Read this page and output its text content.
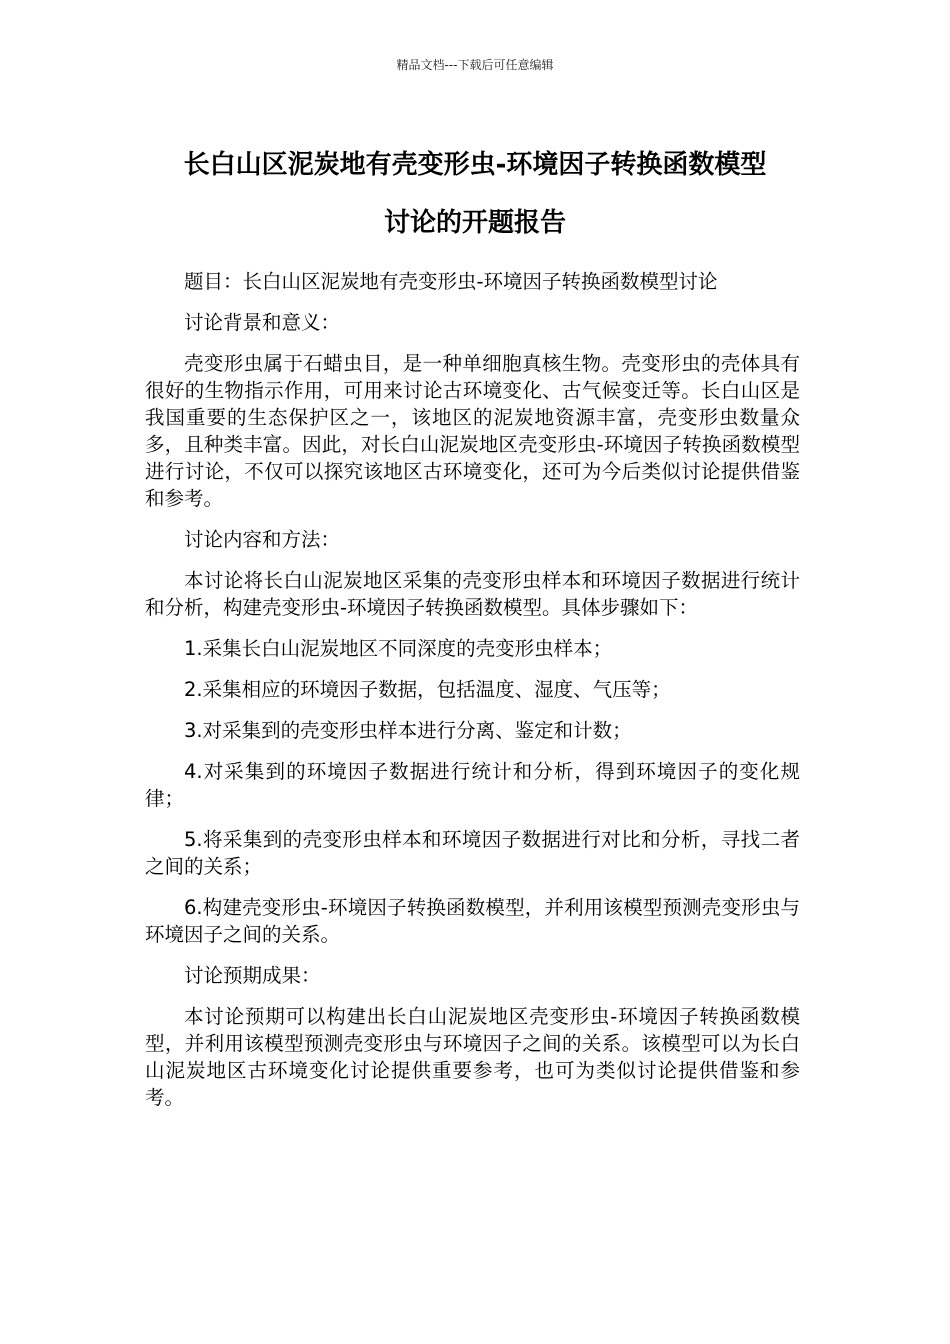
精品文档---下载后可任意编辑
长白山区泥炭地有壳变形虫-环境因子转换函数模型
讨论的开题报告

题目：长白山区泥炭地有壳变形虫-环境因子转换函数模型讨论

讨论背景和意义：

壳变形虫属于石蜡虫目，是一种单细胞真核生物。壳变形虫的壳体具有很好的生物指示作用，可用来讨论古环境变化、古气候变迁等。长白山区是我国重要的生态保护区之一，该地区的泥炭地资源丰富，壳变形虫数量众多，且种类丰富。因此，对长白山泥炭地区壳变形虫-环境因子转换函数模型进行讨论，不仅可以探究该地区古环境变化，还可为今后类似讨论提供借鉴和参考。

讨论内容和方法：

本讨论将长白山泥炭地区采集的壳变形虫样本和环境因子数据进行统计和分析，构建壳变形虫-环境因子转换函数模型。具体步骤如下：

1.采集长白山泥炭地区不同深度的壳变形虫样本；

2.采集相应的环境因子数据，包括温度、湿度、气压等；

3.对采集到的壳变形虫样本进行分离、鉴定和计数；

4.对采集到的环境因子数据进行统计和分析，得到环境因子的变化规律；

5.将采集到的壳变形虫样本和环境因子数据进行对比和分析，寻找二者之间的关系；

6.构建壳变形虫-环境因子转换函数模型，并利用该模型预测壳变形虫与环境因子之间的关系。

讨论预期成果：

本讨论预期可以构建出长白山泥炭地区壳变形虫-环境因子转换函数模型，并利用该模型预测壳变形虫与环境因子之间的关系。该模型可以为长白山泥炭地区古环境变化讨论提供重要参考，也可为类似讨论提供借鉴和参考。
